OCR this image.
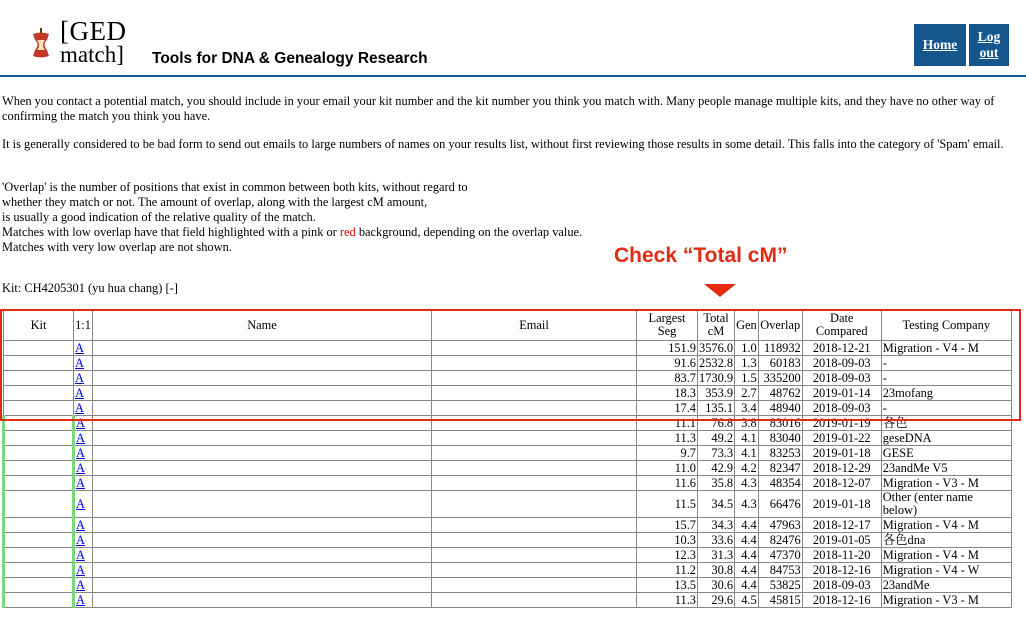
[GED
match] Tools for DNA & Genealogy Research
Home
Log out
When you contact a potential match, you should include in your email your kit number and the kit number you think you match with. Many people manage multiple kits, and they have no other way of confirming the match you think you have.
It is generally considered to be bad form to send out emails to large numbers of names on your results list, without first reviewing those results in some detail. This falls into the category of 'Spam' email.
'Overlap' is the number of positions that exist in common between both kits, without regard to
whether they match or not. The amount of overlap, along with the largest cM amount,
is usually a good indication of the relative quality of the match.
Matches with low overlap have that field highlighted with a pink or red background, depending on the overlap value.
Matches with very low overlap are not shown.	Check “Total cM”
Kit: CH4205301 (yu hua chang) [-]
Kit	1:1	Name	Email	Largest Seg	Total cM	Gen	Overlap	Date Compared	Testing Company
	A			151.9	3576.0	1.0	118932	2018-12-21	Migration - V4 - M
	A			91.6	2532.8	1.3	60183	2018-09-03	-
	A			83.7	1730.9	1.5	335200	2018-09-03	-
	A			18.3	353.9	2.7	48762	2019-01-14	23mofang
	A			17.4	135.1	3.4	48940	2018-09-03	-
	A			11.1	76.8	3.8	83016	2019-01-19	各色
	A			11.3	49.2	4.1	83040	2019-01-22	geseDNA
	A			9.7	73.3	4.1	83253	2019-01-18	GESE
	A			11.0	42.9	4.2	82347	2018-12-29	23andMe V5
	A			11.6	35.8	4.3	48354	2018-12-07	Migration - V3 - M
	A			11.5	34.5	4.3	66476	2019-01-18	Other (enter name below)
	A			15.7	34.3	4.4	47963	2018-12-17	Migration - V4 - M
	A			10.3	33.6	4.4	82476	2019-01-05	各色dna
	A			12.3	31.3	4.4	47370	2018-11-20	Migration - V4 - M
	A			11.2	30.8	4.4	84753	2018-12-16	Migration - V4 - W
	A			13.5	30.6	4.4	53825	2018-09-03	23andMe
	A			11.3	29.6	4.5	45815	2018-12-16	Migration - V3 - M
